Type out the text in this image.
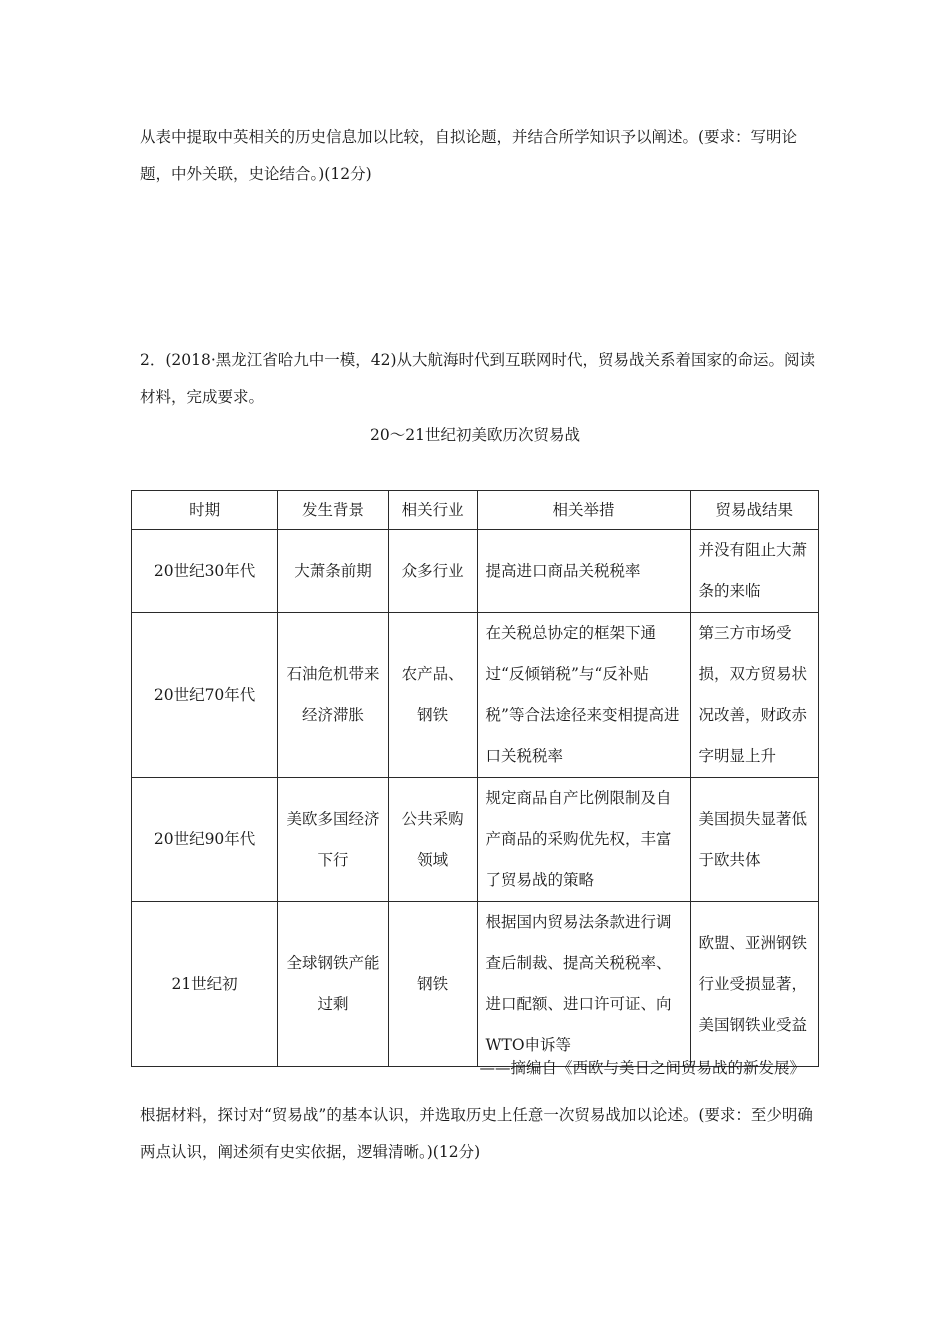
从表中提取中英相关的历史信息加以比较，自拟论题，并结合所学知识予以阐述。(要求：写明论题，中外关联，史论结合。)(12分)

2．(2018·黑龙江省哈九中一模，42)从大航海时代到互联网时代，贸易战关系着国家的命运。阅读材料，完成要求。

20～21世纪初美欧历次贸易战

时期	发生背景	相关行业	相关举措	贸易战结果
20世纪30年代	大萧条前期	众多行业	提高进口商品关税税率	并没有阻止大萧条的来临
20世纪70年代	石油危机带来经济滞胀	农产品、钢铁	在关税总协定的框架下通过“反倾销税”与“反补贴税”等合法途径来变相提高进口关税税率	第三方市场受损，双方贸易状况改善，财政赤字明显上升
20世纪90年代	美欧多国经济下行	公共采购领域	规定商品自产比例限制及自产商品的采购优先权，丰富了贸易战的策略	美国损失显著低于欧共体
21世纪初	全球钢铁产能过剩	钢铁	根据国内贸易法条款进行调查后制裁、提高关税税率、进口配额、进口许可证、向WTO申诉等	欧盟、亚洲钢铁行业受损显著，美国钢铁业受益

——摘编自《西欧与美日之间贸易战的新发展》

根据材料，探讨对“贸易战”的基本认识，并选取历史上任意一次贸易战加以论述。(要求：至少明确两点认识，阐述须有史实依据，逻辑清晰。)(12分)
